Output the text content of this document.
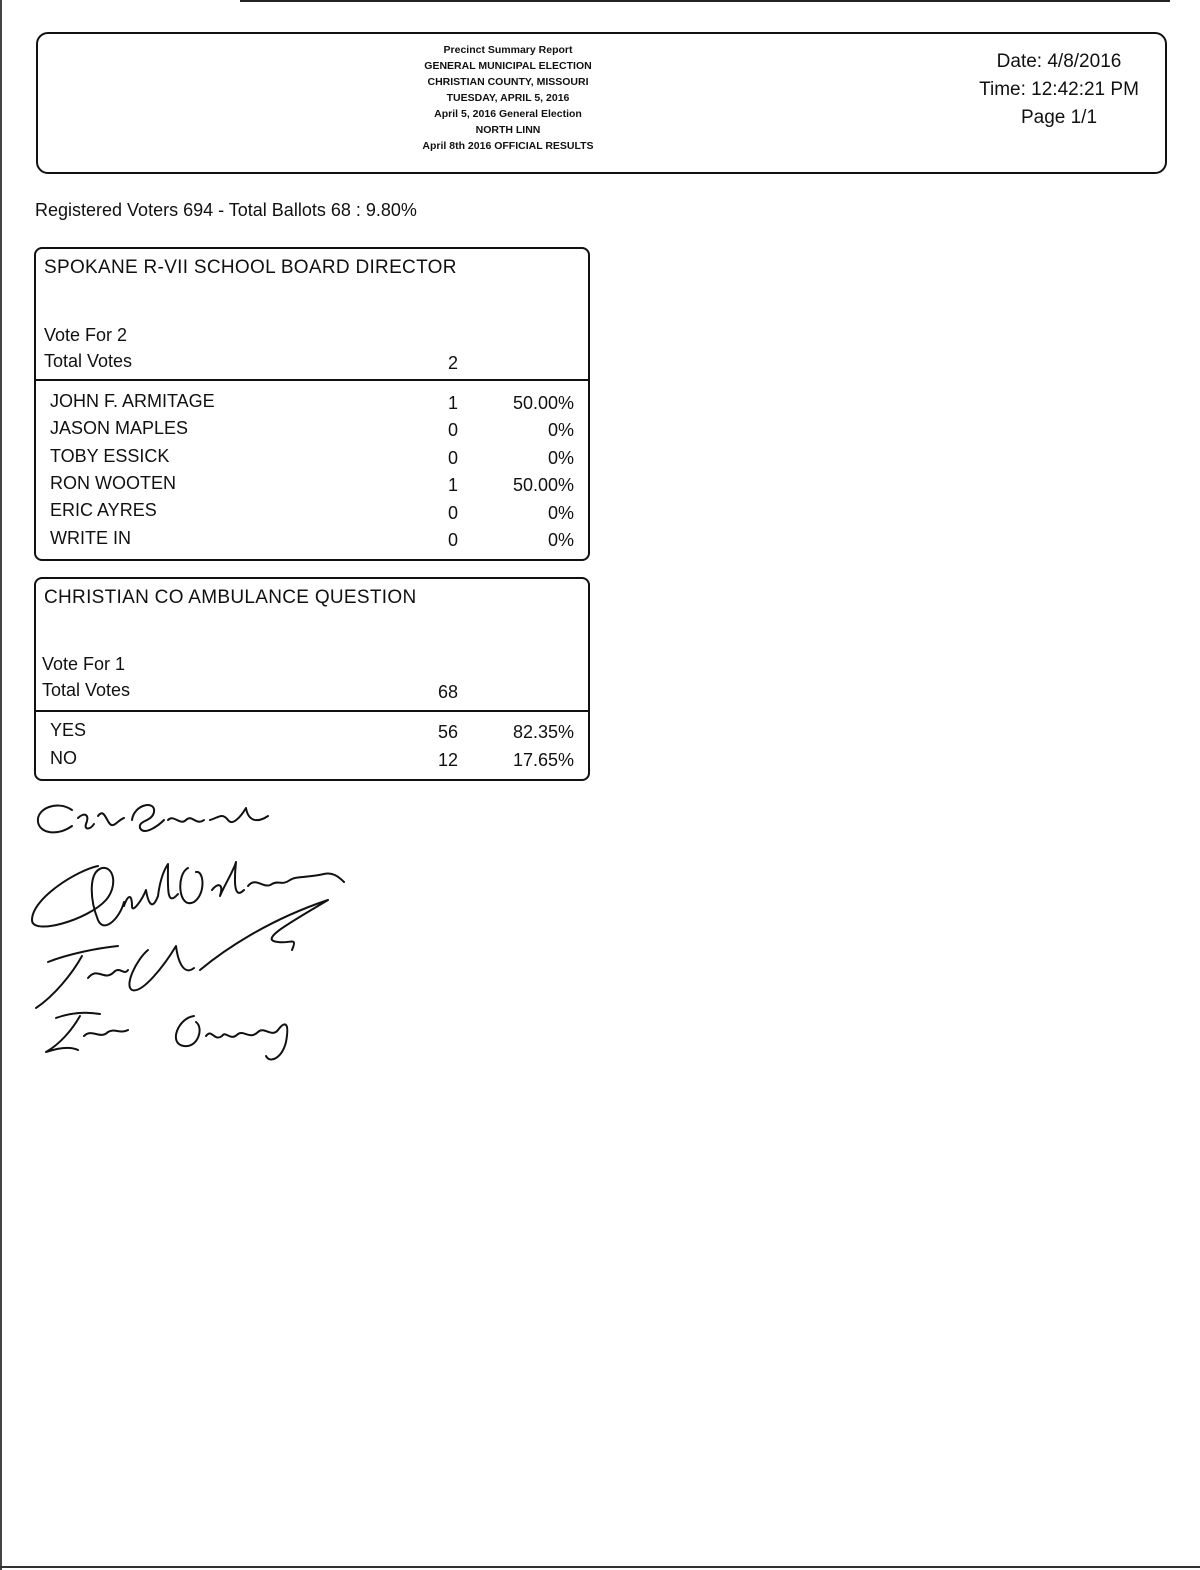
Precinct Summary Report
GENERAL MUNICIPAL ELECTION
CHRISTIAN COUNTY, MISSOURI
TUESDAY, APRIL 5, 2016
April 5, 2016 General Election
NORTH LINN
April 8th 2016 OFFICIAL RESULTS
Date: 4/8/2016
Time: 12:42:21 PM
Page 1/1
Registered Voters 694 - Total Ballots 68 : 9.80%
SPOKANE R-VII SCHOOL BOARD DIRECTOR
Vote For 2
Total Votes	2
JOHN F. ARMITAGE	1	50.00%
JASON MAPLES	0	0%
TOBY ESSICK	0	0%
RON WOOTEN	1	50.00%
ERIC AYRES	0	0%
WRITE IN	0	0%
CHRISTIAN CO AMBULANCE QUESTION
Vote For 1
Total Votes	68
YES	56	82.35%
NO	12	17.65%
